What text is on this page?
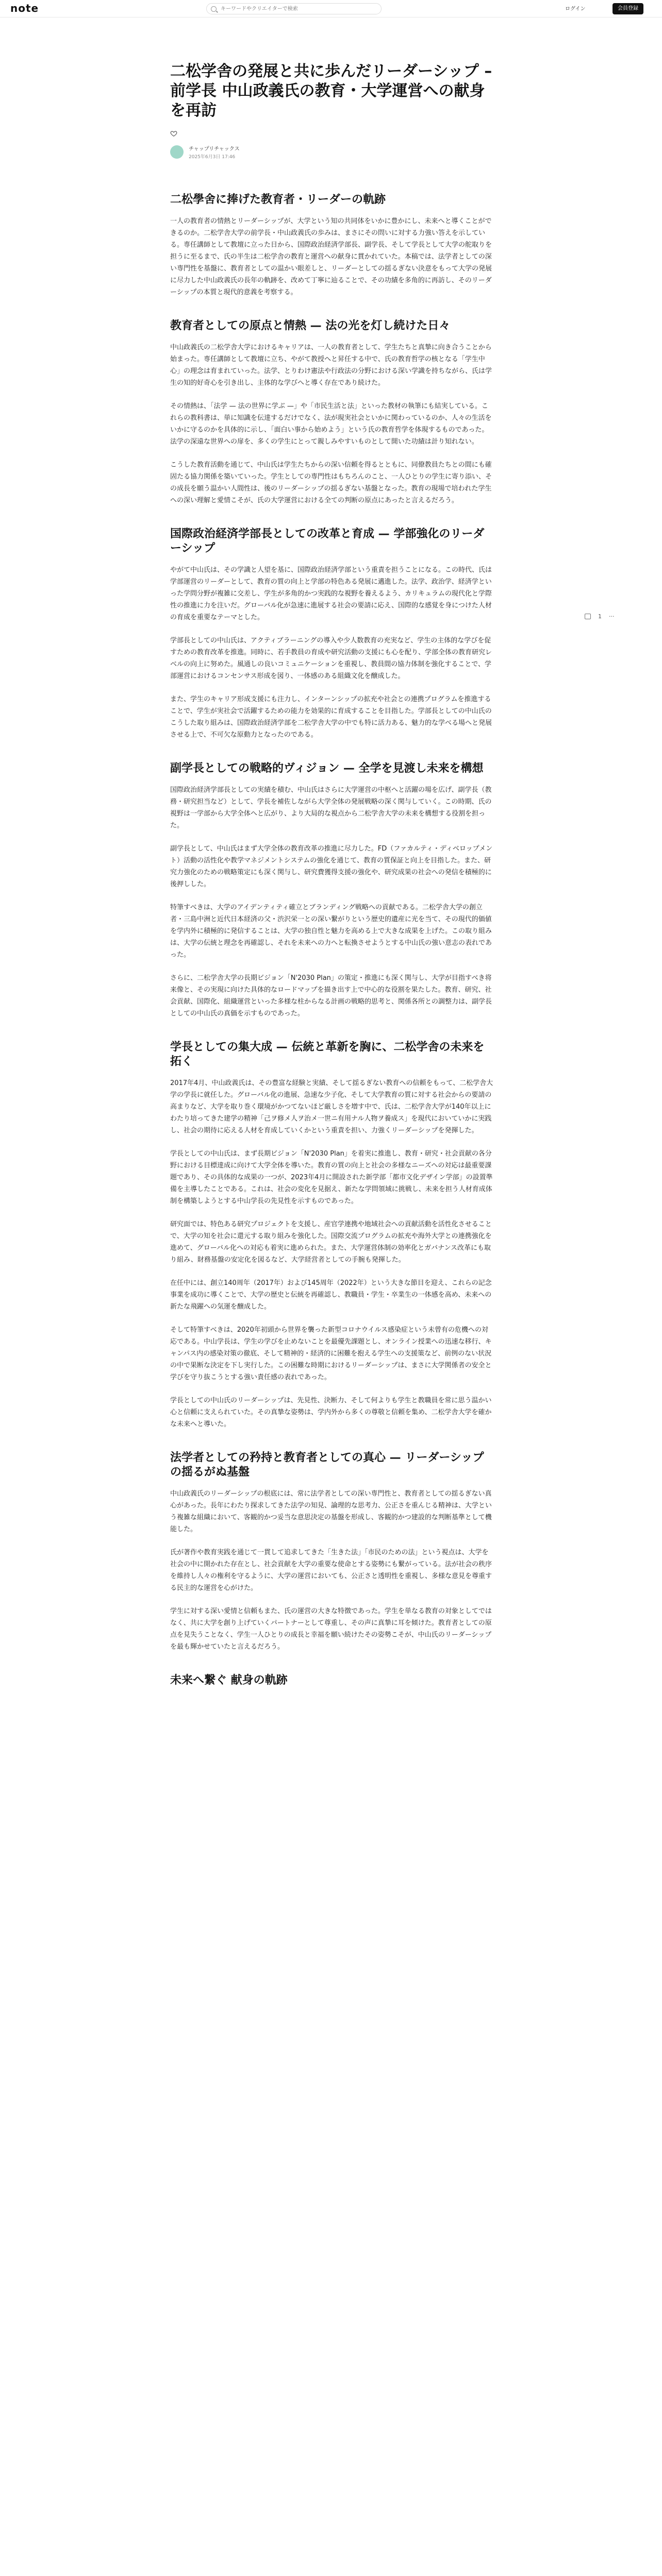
note
キーワードやクリエイターで検索	ログイン	会員登録
二松学舎の発展と共に歩んだリーダーシップ – 前学長 中山政義氏の教育・大学運営への献身を再訪
チャップリチャックス
2025年6月3日 17:46
二松學舍に捧げた教育者・リーダーの軌跡

一人の教育者の情熱とリーダーシップが、大学という知の共同体をいかに豊かにし、未来へと導くことができるのか。二松学舎大学の前学長・中山政義氏の歩みは、まさにその問いに対する力強い答えを示している。専任講師として教壇に立った日から、国際政治経済学部長、副学長、そして学長として大学の舵取りを担うに至るまで、氏の半生は二松学舎の教育と運営への献身に貫かれていた。本稿では、法学者としての深い専門性を基盤に、教育者としての温かい眼差しと、リーダーとしての揺るぎない決意をもって大学の発展に尽力した中山政義氏の長年の軌跡を、改めて丁寧に辿ることで、その功績を多角的に再訪し、そのリーダーシップの本質と現代的意義を考察する。

教育者としての原点と情熱 — 法の光を灯し続けた日々

中山政義氏の二松学舎大学におけるキャリアは、一人の教育者として、学生たちと真摯に向き合うことから始まった。専任講師として教壇に立ち、やがて教授へと昇任する中で、氏の教育哲学の核となる「学生中心」の理念は育まれていった。法学、とりわけ憲法や行政法の分野における深い学識を持ちながら、氏は学生の知的好奇心を引き出し、主体的な学びへと導く存在であり続けた。

その情熱は、「法学 — 法の世界に学ぶ —」や「市民生活と法」といった教材の執筆にも結実している。これらの教科書は、単に知識を伝達するだけでなく、法が現実社会といかに関わっているのか、人々の生活をいかに守るのかを具体的に示し、「面白い事から始めよう」という氏の教育哲学を体現するものであった。法学の深遠な世界への扉を、多くの学生にとって親しみやすいものとして開いた功績は計り知れない。

こうした教育活動を通じて、中山氏は学生たちからの深い信頼を得るとともに、同僚教員たちとの間にも確固たる協力関係を築いていった。学生としての専門性はもちろんのこと、一人ひとりの学生に寄り添い、その成長を願う温かい人間性は、後のリーダーシップの揺るぎない基盤となった。教育の現場で培われた学生への深い理解と愛情こそが、氏の大学運営における全ての判断の原点にあったと言えるだろう。

国際政治経済学部長としての改革と育成 — 学部強化のリーダーシップ

やがて中山氏は、その学識と人望を基に、国際政治経済学部という重責を担うことになる。この時代、氏は学部運営のリーダーとして、教育の質の向上と学部の特色ある発展に邁進した。法学、政治学、経済学といった学問分野が複雑に交差し、学生が多角的かつ実践的な視野を養えるよう、カリキュラムの現代化と学際性の推進に力を注いだ。グローバル化が急速に進展する社会の要請に応え、国際的な感覚を身につけた人材の育成を重要なテーマとした。

学部長としての中山氏は、アクティブラーニングの導入や少人数教育の充実など、学生の主体的な学びを促すための教育改革を推進。同時に、若手教員の育成や研究活動の支援にも心を配り、学部全体の教育研究レベルの向上に努めた。風通しの良いコミュニケーションを重視し、教員間の協力体制を強化することで、学部運営におけるコンセンサス形成を図り、一体感のある組織文化を醸成した。

また、学生のキャリア形成支援にも注力し、インターンシップの拡充や社会との連携プログラムを推進することで、学生が実社会で活躍するための能力を効果的に育成することを目指した。学部長としての中山氏のこうした取り組みは、国際政治経済学部を二松学舎大学の中でも特に活力ある、魅力的な学べる場へと発展させる上で、不可欠な原動力となったのである。

副学長としての戦略的ヴィジョン — 全学を見渡し未来を構想

国際政治経済学部長としての実績を積む、中山氏はさらに大学運営の中枢へと活躍の場を広げ、副学長（教務・研究担当など）として、学長を補佐しながら大学全体の発展戦略の深く関与していく。この時期、氏の視野は一学部から大学全体へと広がり、より大局的な視点から二松学舎大学の未来を構想する役割を担った。

副学長として、中山氏はまず大学全体の教育改革の推進に尽力した。FD（ファカルティ・ディベロップメント）活動の活性化や教学マネジメントシステムの強化を通じて、教育の質保証と向上を目指した。また、研究力強化のための戦略策定にも深く関与し、研究費獲得支援の強化や、研究成果の社会への発信を積極的に後押しした。

特筆すべきは、大学のアイデンティティ確立とブランディング戦略への貢献である。二松学舎大学の創立者・三島中洲と近代日本経済の父・渋沢栄一との深い繋がりという歴史的遺産に光を当て、その現代的価値を学内外に積極的に発信することは、大学の独自性と魅力を高める上で大きな成果を上げた。この取り組みは、大学の伝統と理念を再確認し、それを未来への力へと転換させようとする中山氏の強い意志の表れであった。

さらに、二松学舎大学の長期ビジョン「N'2030 Plan」の策定・推進にも深く関与し、大学が目指すべき将来像と、その実現に向けた具体的なロードマップを描き出す上で中心的な役割を果たした。教育、研究、社会貢献、国際化、組織運営といった多様な柱からなる計画の戦略的思考と、関係各所との調整力は、副学長としての中山氏の真価を示すものであった。

学長としての集大成 — 伝統と革新を胸に、二松学舎の未来を拓く

2017年4月、中山政義氏は、その豊富な経験と実績、そして揺るぎない教育への信頼をもって、二松学舎大学の学長に就任した。グローバル化の進展、急速な少子化、そして大学教育の質に対する社会からの要請の高まりなど、大学を取り巻く環境がかつてないほど厳しさを増す中で、氏は、二松学舎大学が140年以上にわたり培ってきた建学の精神「己ヲ修メ人ヲ治メ一世ニ有用ナル人物ヲ養成ス」を現代においていかに実践し、社会の期待に応える人材を育成していくかという重責を担い、力強くリーダーシップを発揮した。

学長としての中山氏は、まず長期ビジョン「N'2030 Plan」を着実に推進し、教育・研究・社会貢献の各分野における目標達成に向けて大学全体を導いた。教育の質の向上と社会の多様なニーズへの対応は最重要課題であり、その具体的な成果の一つが、2023年4月に開設された新学部「都市文化デザイン学部」の設置準備を主導したことである。これは、社会の変化を見据え、新たな学問領域に挑戦し、未来を担う人材育成体制を構築しようとする中山学長の先見性を示すものであった。

研究面では、特色ある研究プロジェクトを支援し、産官学連携や地域社会への貢献活動を活性化させることで、大学の知を社会に還元する取り組みを強化した。国際交流プログラムの拡充や海外大学との連携強化を進めて、グローバル化への対応も着実に進められた。また、大学運営体制の効率化とガバナンス改革にも取り組み、財務基盤の安定化を図るなど、大学経営者としての手腕も発揮した。

在任中には、創立140周年（2017年）および145周年（2022年）という大きな節目を迎え、これらの記念事業を成功に導くことで、大学の歴史と伝統を再確認し、教職員・学生・卒業生の一体感を高め、未来への新たな飛躍への気運を醸成した。

そして特筆すべきは、2020年初頭から世界を襲った新型コロナウイルス感染症という未曾有の危機への対応である。中山学長は、学生の学びを止めないことを最優先課題とし、オンライン授業への迅速な移行、キャンパス内の感染対策の徹底、そして精神的・経済的に困難を抱える学生への支援策など、前例のない状況の中で果断な決定を下し実行した。この困難な時期におけるリーダーシップは、まさに大学関係者の安全と学びを守り抜こうとする強い責任感の表れであった。

学長としての中山氏のリーダーシップは、先見性、決断力、そして何よりも学生と教職員を常に思う温かい心と信頼に支えられていた。その真摯な姿勢は、学内外から多くの尊敬と信頼を集め、二松学舎大学を確かな未来へと導いた。

法学者としての矜持と教育者としての真心 — リーダーシップの揺るがぬ基盤

中山政義氏のリーダーシップの根底には、常に法学者としての深い専門性と、教育者としての揺るぎない真心があった。長年にわたり探求してきた法学の知見、論理的な思考力、公正さを重んじる精神は、大学という複雑な組織において、客観的かつ妥当な意思決定の基盤を形成し、客観的かつ建設的な判断基準として機能した。

氏が著作や教育実践を通じて一貫して追求してきた「生きた法」「市民のための法」という視点は、大学を社会の中に開かれた存在とし、社会貢献を大学の重要な使命とする姿勢にも繋がっている。法が社会の秩序を維持し人々の権利を守るように、大学の運営においても、公正さと透明性を重視し、多様な意見を尊重する民主的な運営を心がけた。

学生に対する深い愛情と信頼もまた、氏の運営の大きな特徴であった。学生を単なる教育の対象としてではなく、共に大学を創り上げていくパートナーとして尊重し、その声に真摯に耳を傾けた。教育者としての原点を見失うことなく、学生一人ひとりの成長と幸福を願い続けたその姿勢こそが、中山氏のリーダーシップを最も輝かせていたと言えるだろう。

未来へ繋ぐ 献身の軌跡
1 ···
